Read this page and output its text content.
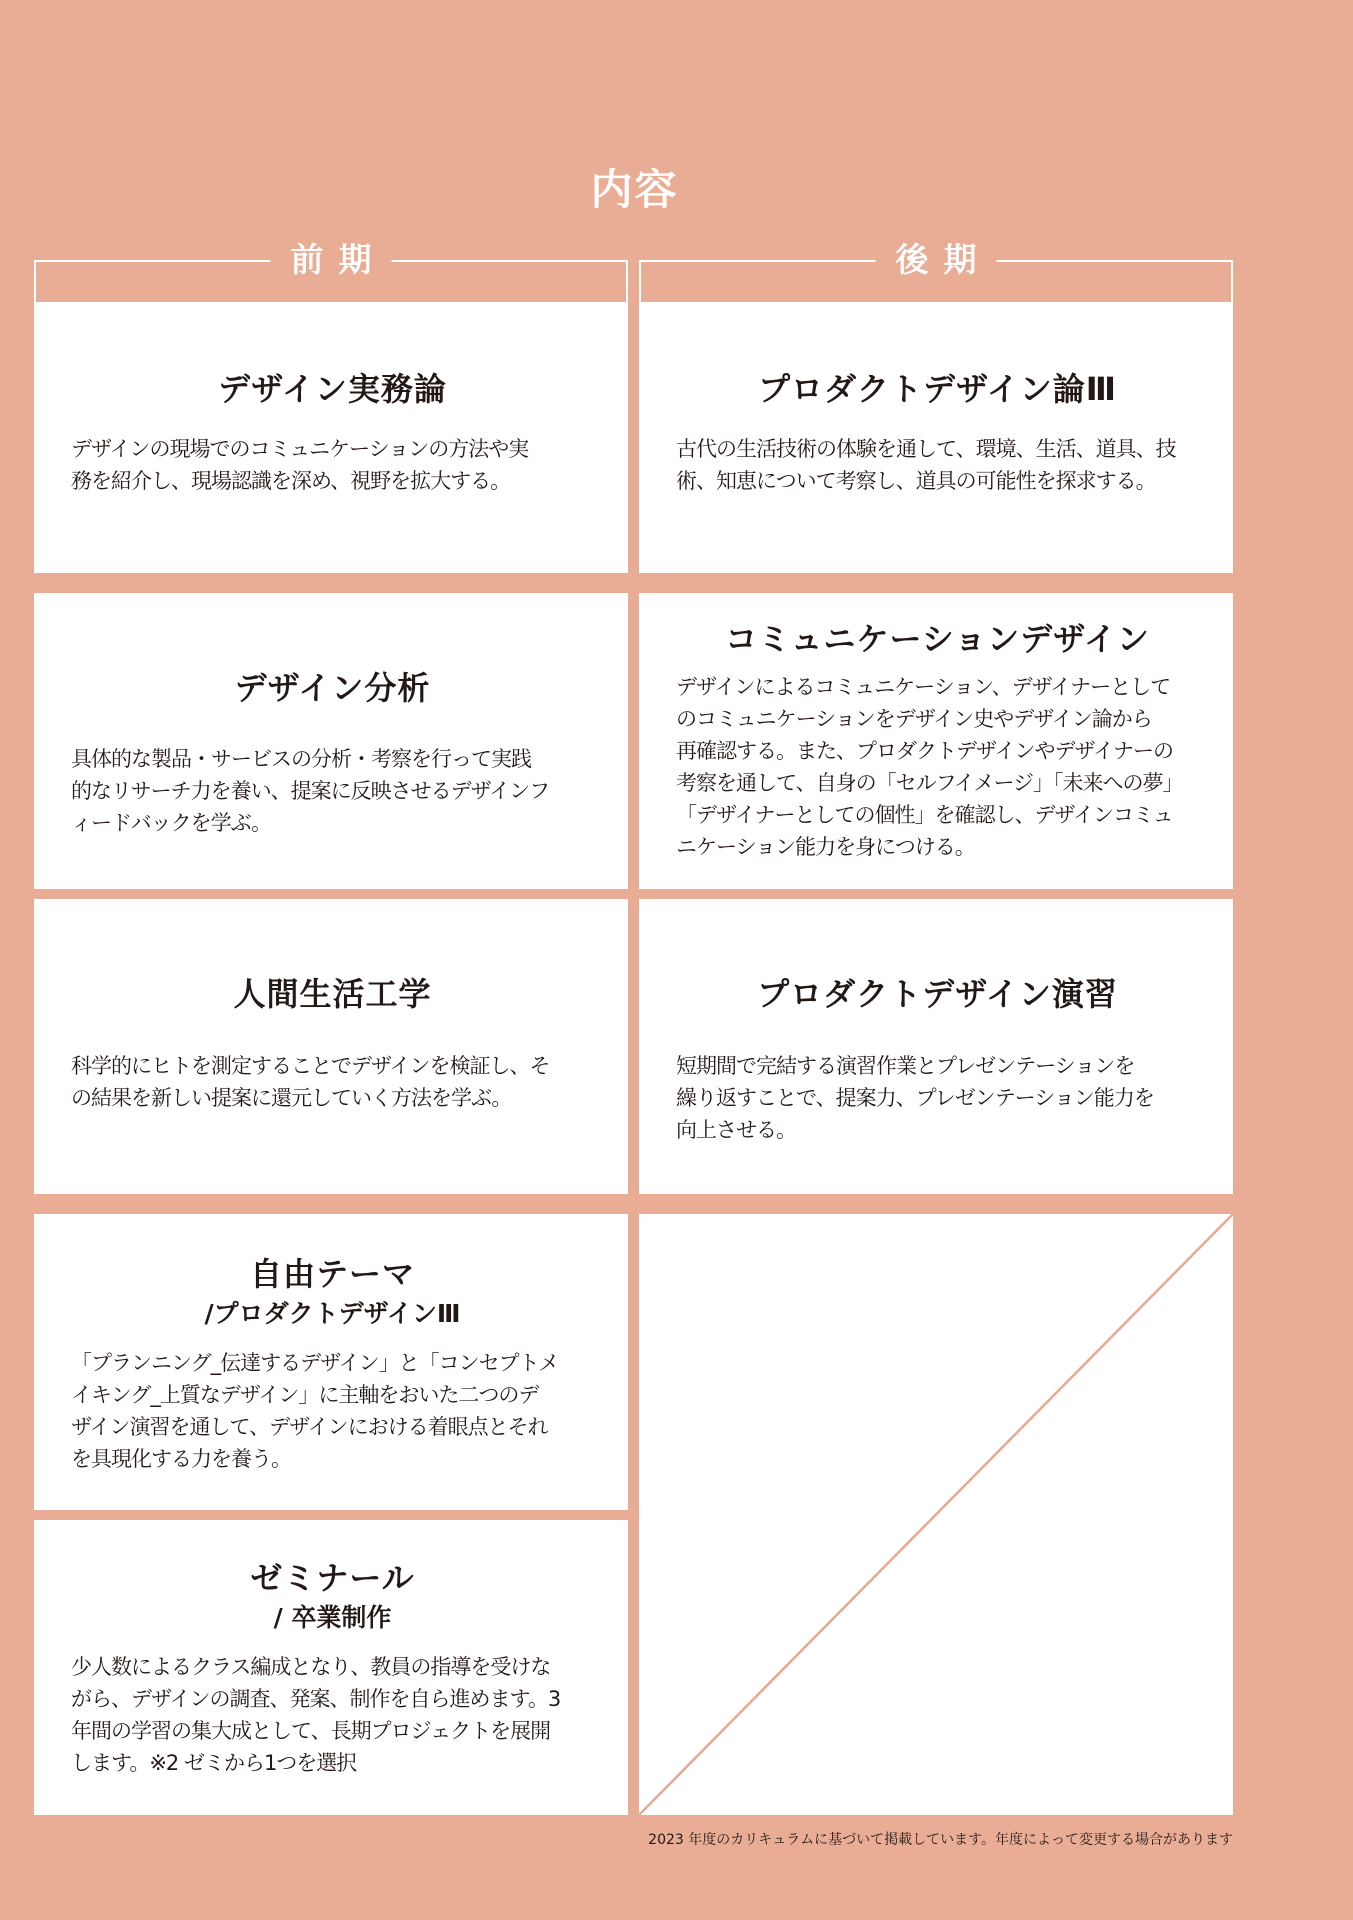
内容
前期	後期
デザイン実務論
デザインの現場でのコミュニケーションの方法や実
務を紹介し、現場認識を深め、視野を拡大する。
プロダクトデザイン論Ⅲ
古代の生活技術の体験を通して、環境、生活、道具、技
術、知恵について考察し、道具の可能性を探求する。
デザイン分析
具体的な製品・サービスの分析・考察を行って実践
的なリサーチ力を養い、提案に反映させるデザインフ
ィードバックを学ぶ。
コミュニケーションデザイン
デザインによるコミュニケーション、デザイナーとして
のコミュニケーションをデザイン史やデザイン論から
再確認する。また、プロダクトデザインやデザイナーの
考察を通して、自身の「セルフイメージ」「未来への夢」
「デザイナーとしての個性」を確認し、デザインコミュ
ニケーション能力を身につける。
人間生活工学
科学的にヒトを測定することでデザインを検証し、そ
の結果を新しい提案に還元していく方法を学ぶ。
プロダクトデザイン演習
短期間で完結する演習作業とプレゼンテーションを
繰り返すことで、提案力、プレゼンテーション能力を
向上させる。
自由テーマ
/プロダクトデザインⅢ
「プランニング_伝達するデザイン」と「コンセプトメ
イキング_上質なデザイン」に主軸をおいた二つのデ
ザイン演習を通して、デザインにおける着眼点とそれ
を具現化する力を養う。
ゼミナール
/ 卒業制作
少人数によるクラス編成となり、教員の指導を受けな
がら、デザインの調査、発案、制作を自ら進めます。3
年間の学習の集大成として、長期プロジェクトを展開
します。※2 ゼミから1つを選択
2023 年度のカリキュラムに基づいて掲載しています。年度によって変更する場合があります
